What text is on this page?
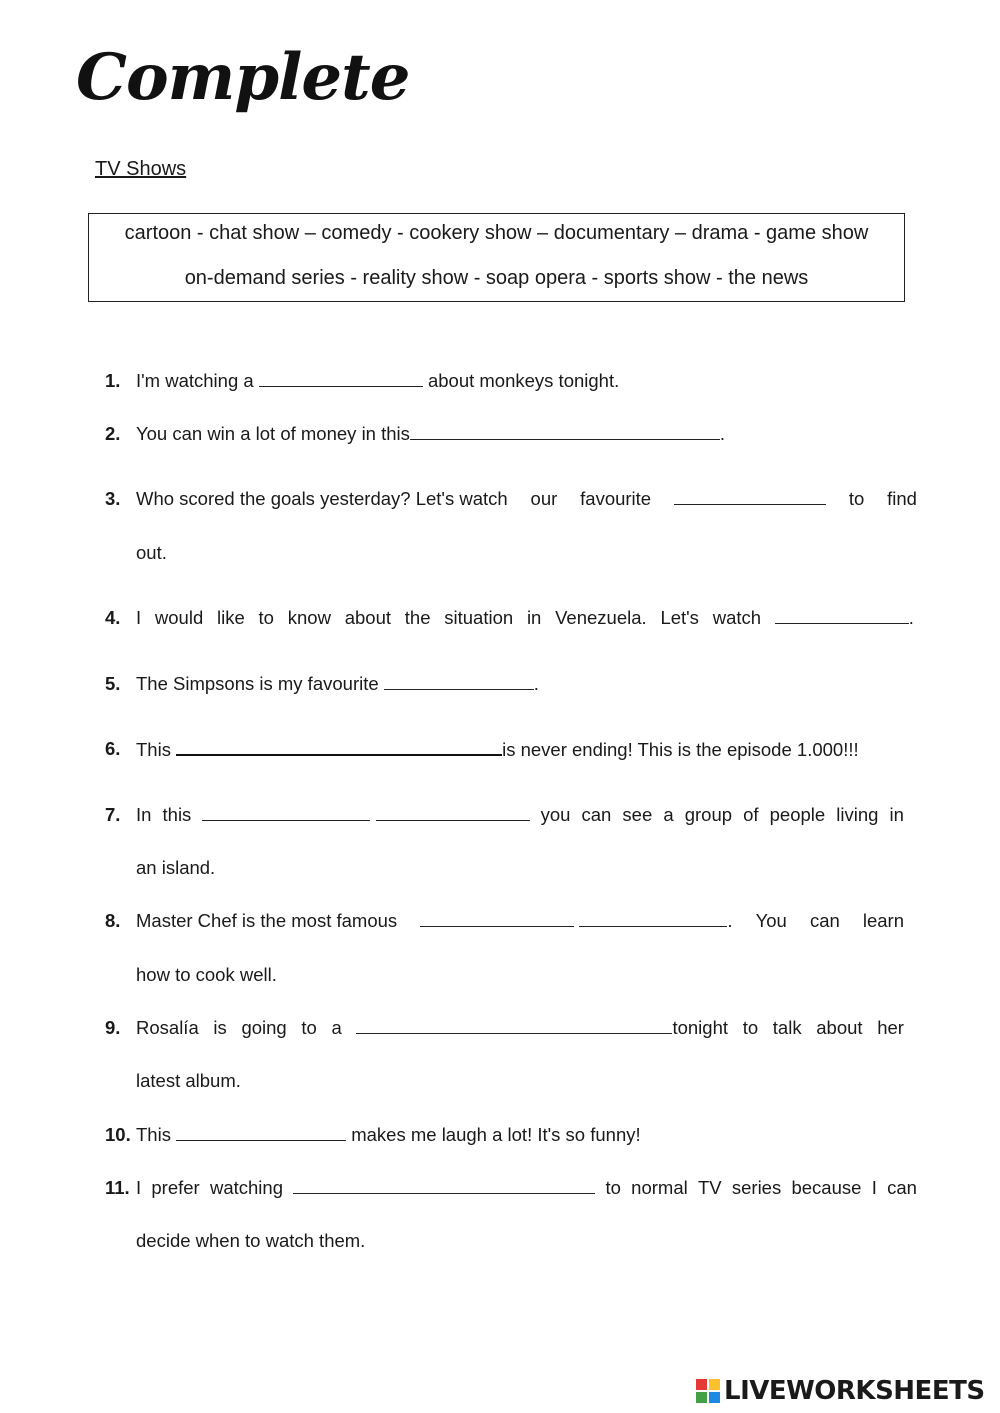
Complete
TV Shows
cartoon - chat show – comedy - cookery show – documentary – drama - game show
on-demand series - reality show - soap opera - sports show - the news
1. I'm watching a	about monkeys tonight.
2. You can win a lot of money in this	.
3. Who scored the goals yesterday? Let's watch our favourite	to find
out.
4. I would like to know about the situation in Venezuela. Let's watch	.
5. The Simpsons is my favourite	.
6. This	is never ending! This is the episode 1.000!!!
7. In this
	you can see a group of people living in
an island.
8. Master Chef is the most famous	. You can learn
how to cook well.
9. Rosalía is going to a	tonight to talk about her
latest album.
10. This	makes me laugh a lot! It's so funny!
11. I prefer watching	to normal TV series because I can
decide when to watch them.
LIVEWORKSHEETS
